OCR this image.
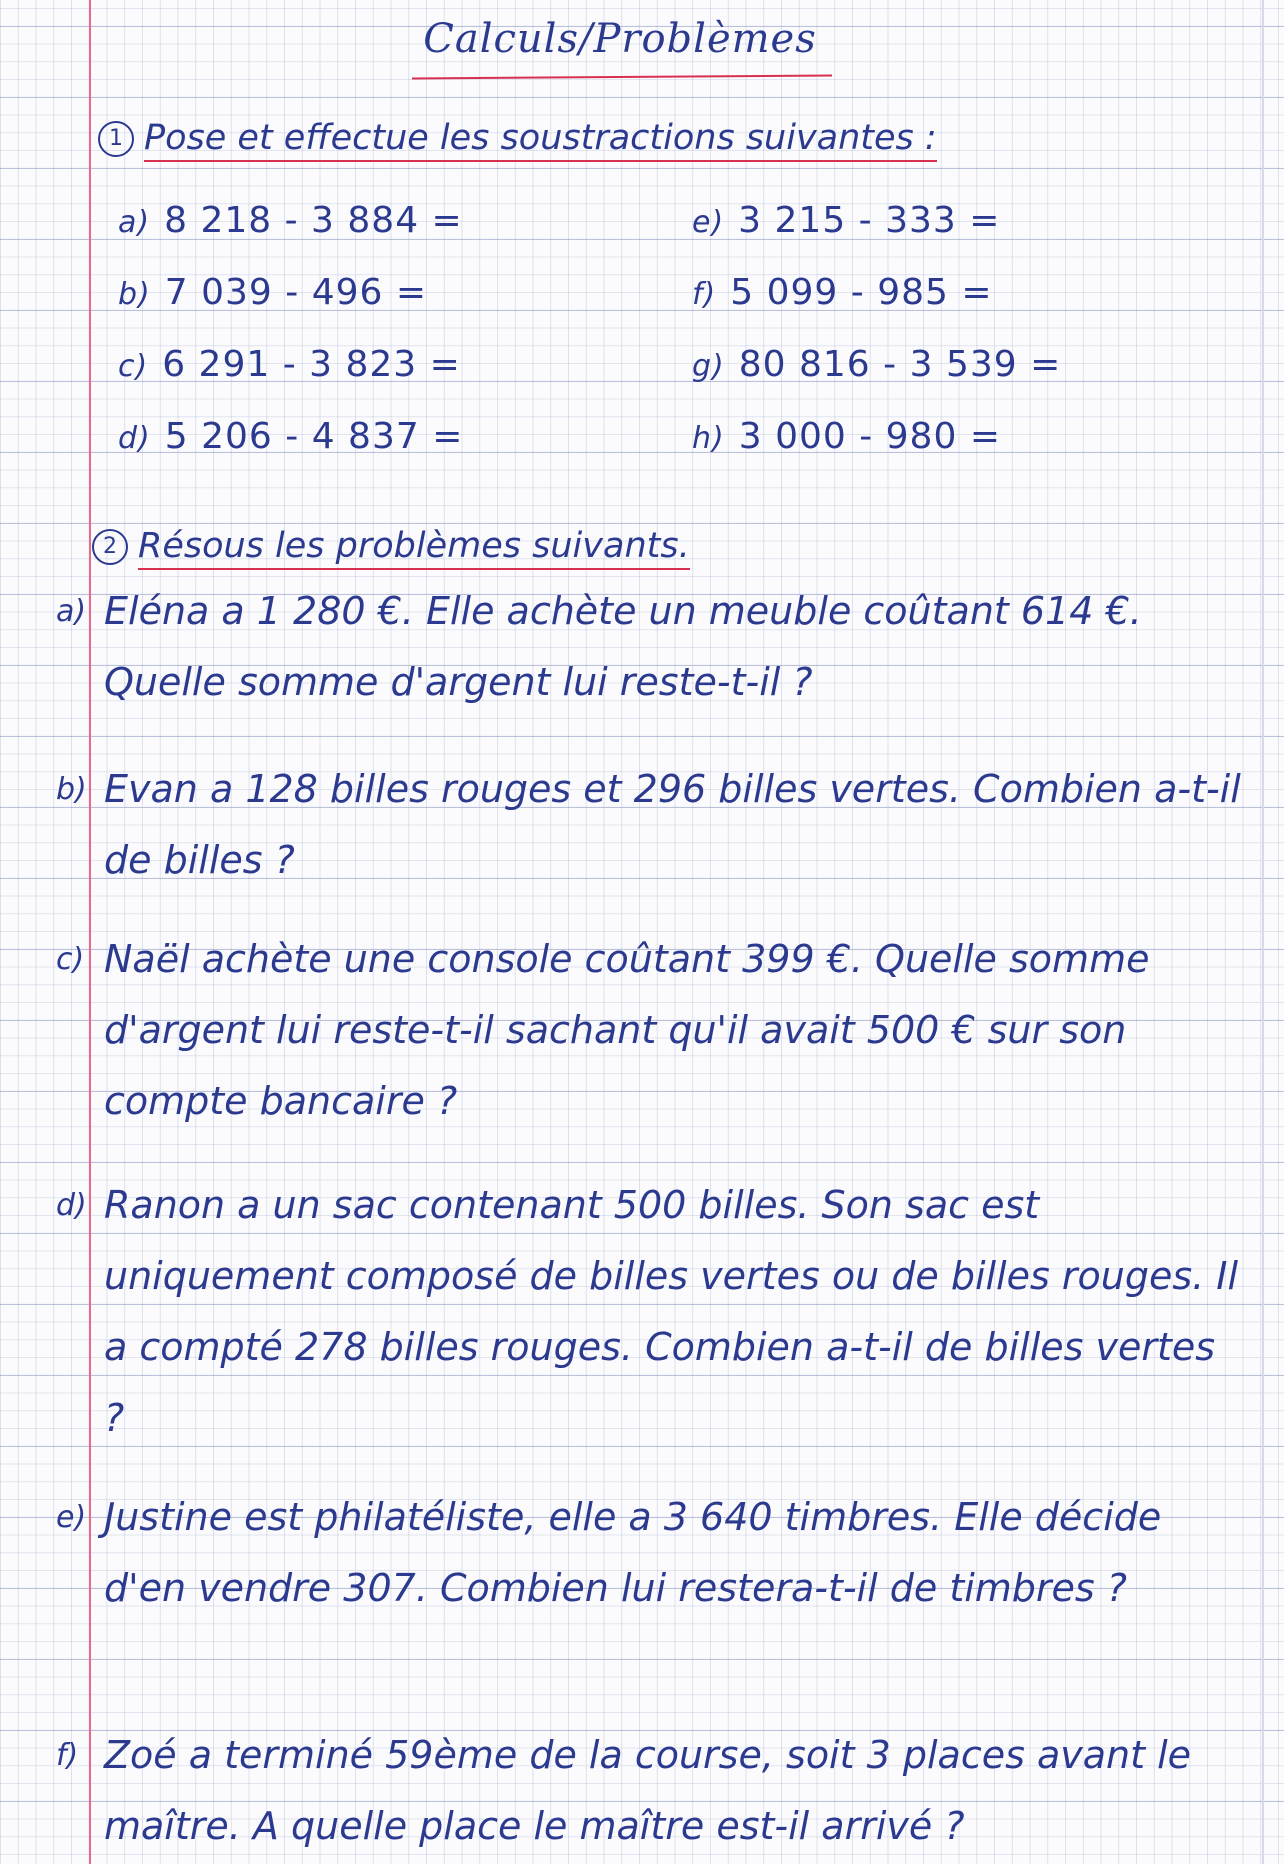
Calculs/Problèmes
1 Pose et effectue les soustractions suivantes :
a) 8 218 - 3 884 =
b) 7 039 - 496 =
c) 6 291 - 3 823 =
d) 5 206 - 4 837 =
e) 3 215 - 333 =
f) 5 099 - 985 =
g) 80 816 - 3 539 =
h) 3 000 - 980 =
2 Résous les problèmes suivants.
a) Eléna a 1 280 €. Elle achète un meuble coûtant 614 €. Quelle somme d'argent lui reste-t-il ?
b) Evan a 128 billes rouges et 296 billes vertes. Combien a-t-il de billes ?
c) Naël achète une console coûtant 399 €. Quelle somme d'argent lui reste-t-il sachant qu'il avait 500 € sur son compte bancaire ?
d) Ranon a un sac contenant 500 billes. Son sac est uniquement composé de billes vertes ou de billes rouges. Il a compté 278 billes rouges. Combien a-t-il de billes vertes ?
e) Justine est philatéliste, elle a 3 640 timbres. Elle décide d'en vendre 307. Combien lui restera-t-il de timbres ?
f) Zoé a terminé 59ème de la course, soit 3 places avant le maître. A quelle place le maître est-il arrivé ?
